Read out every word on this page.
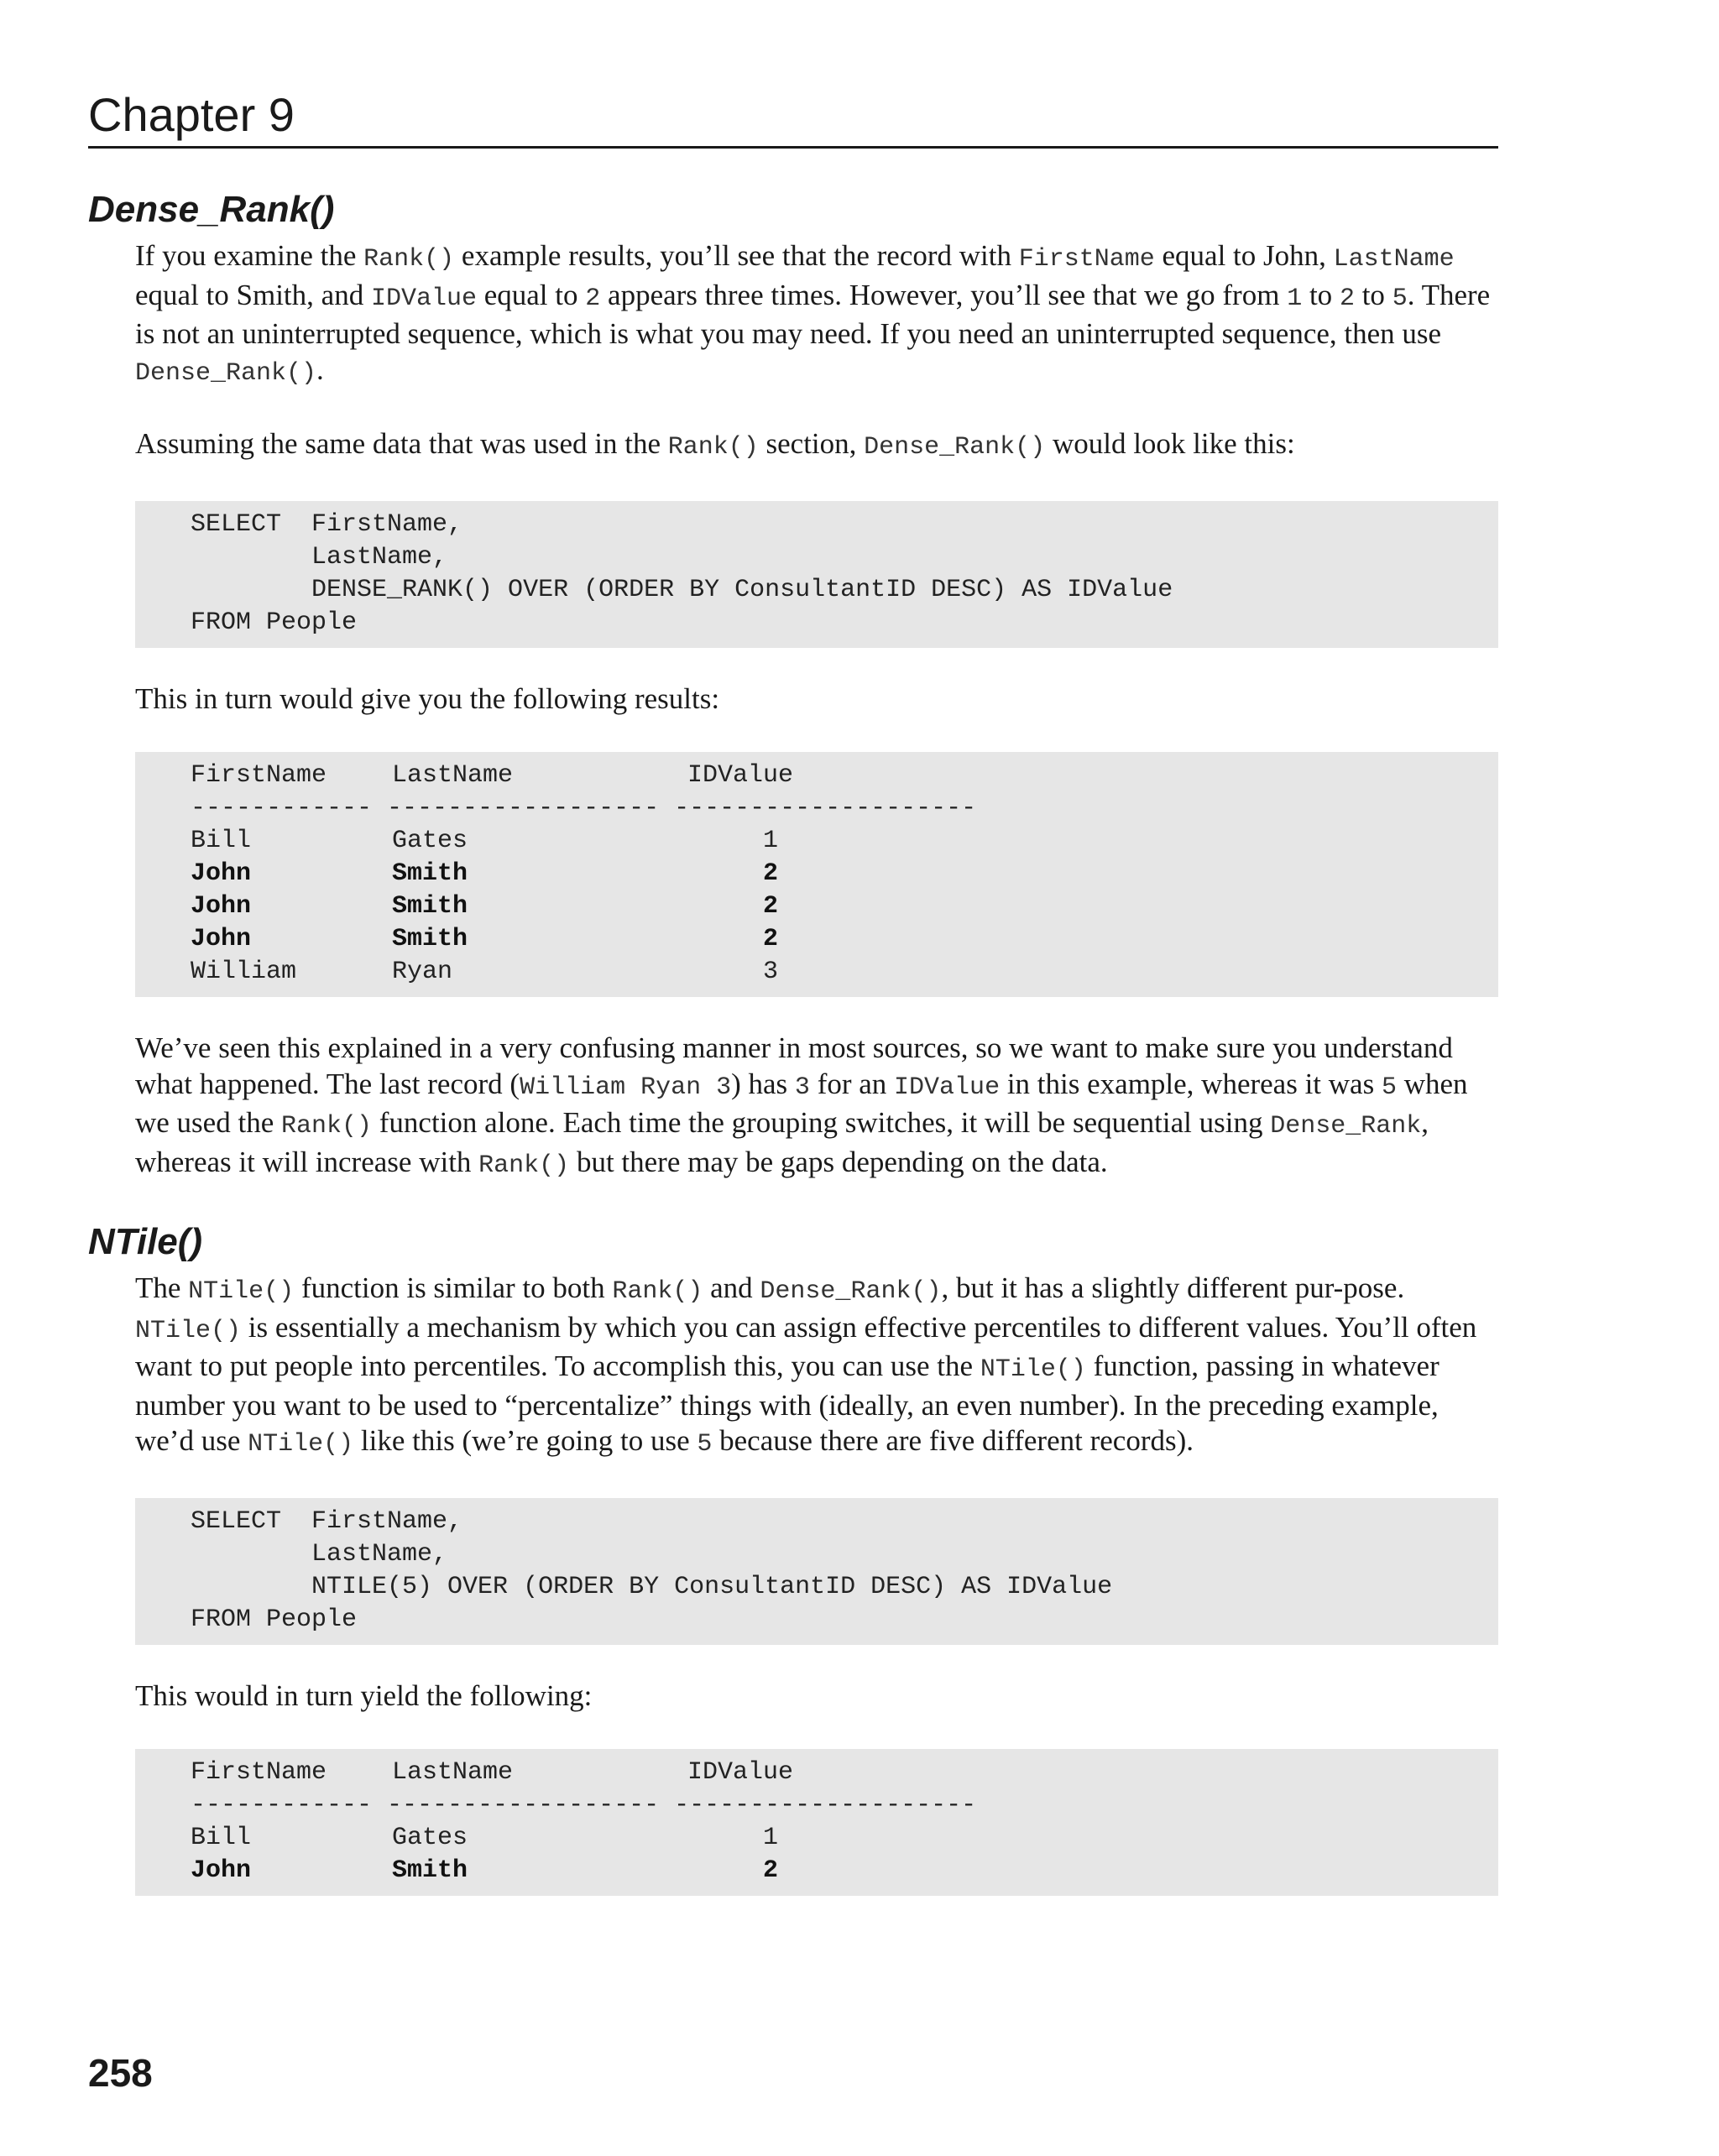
Chapter 9
Dense_Rank()

If you examine the Rank() example results, you’ll see that the record with FirstName equal to John, LastName equal to Smith, and IDValue equal to 2 appears three times. However, you’ll see that we go from 1 to 2 to 5. There is not an uninterrupted sequence, which is what you may need. If you need an uninterrupted sequence, then use Dense_Rank().

Assuming the same data that was used in the Rank() section, Dense_Rank() would look like this:

SELECT  FirstName,
LastName,
DENSE_RANK() OVER (ORDER BY ConsultantID DESC) AS IDValue
FROM People

This in turn would give you the following results:

FirstName	LastName	IDValue
------------ ------------------ --------------------
Bill	Gates	1
John	Smith	2
John	Smith	2
John	Smith	2
William	Ryan	3

We’ve seen this explained in a very confusing manner in most sources, so we want to make sure you understand what happened. The last record (William Ryan 3) has 3 for an IDValue in this example, whereas it was 5 when we used the Rank() function alone. Each time the grouping switches, it will be sequential using Dense_Rank, whereas it will increase with Rank() but there may be gaps depending on the data.

NTile()

The NTile() function is similar to both Rank() and Dense_Rank(), but it has a slightly different pur-pose. NTile() is essentially a mechanism by which you can assign effective percentiles to different values. You’ll often want to put people into percentiles. To accomplish this, you can use the NTile() function, passing in whatever number you want to be used to “percentalize” things with (ideally, an even number). In the preceding example, we’d use NTile() like this (we’re going to use 5 because there are five different records).

SELECT  FirstName,
LastName,
NTILE(5) OVER (ORDER BY ConsultantID DESC) AS IDValue
FROM People

This would in turn yield the following:

FirstName	LastName	IDValue
------------ ------------------ --------------------
Bill	Gates	1
John	Smith	2
258
